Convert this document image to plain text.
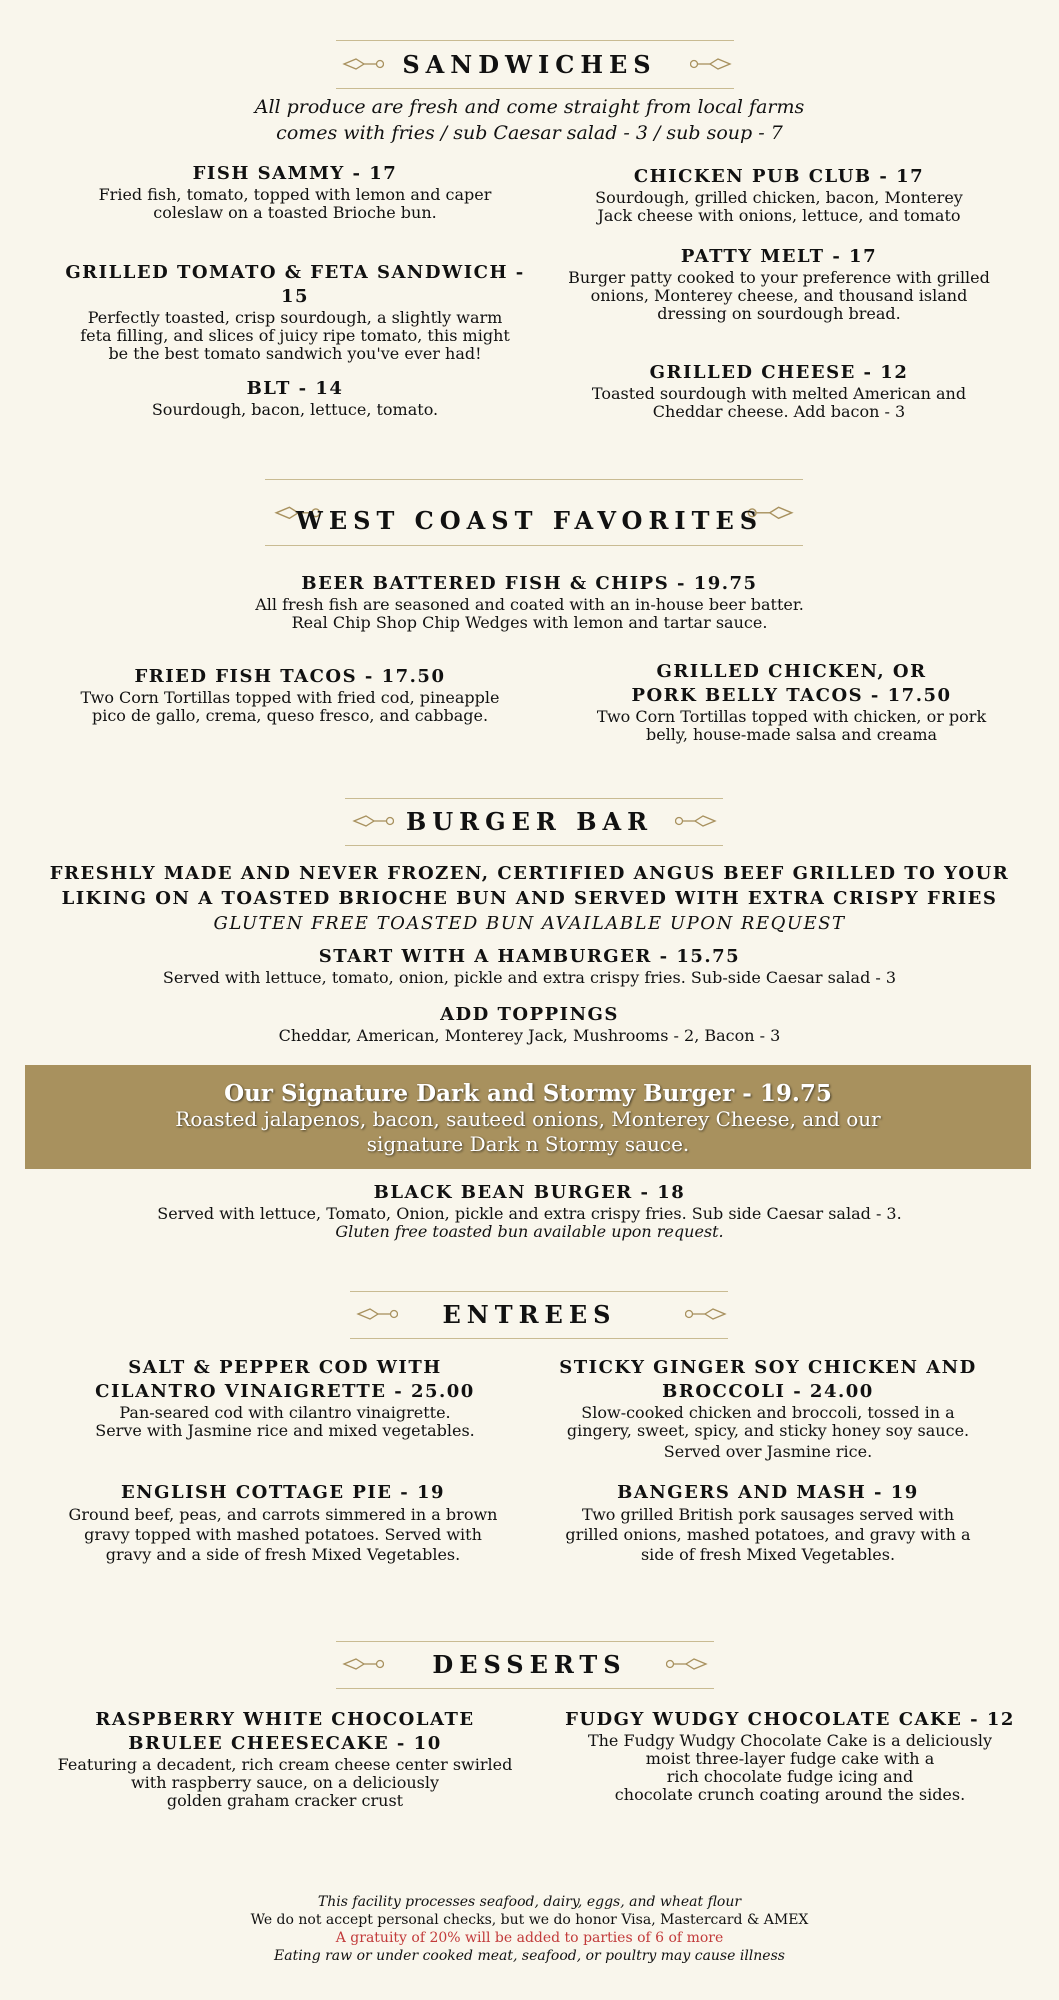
SANDWICHES
All produce are fresh and come straight from local farms
comes with fries / sub Caesar salad - 3 / sub soup - 7
FISH SAMMY - 17
Fried fish, tomato, topped with lemon and caper coleslaw on a toasted Brioche bun.
GRILLED TOMATO & FETA SANDWICH - 15
Perfectly toasted, crisp sourdough, a slightly warm feta filling, and slices of juicy ripe tomato, this might be the best tomato sandwich you've ever had!
BLT - 14
Sourdough, bacon, lettuce, tomato.
CHICKEN PUB CLUB - 17
Sourdough, grilled chicken, bacon, Monterey Jack cheese with onions, lettuce, and tomato
PATTY MELT - 17
Burger patty cooked to your preference with grilled onions, Monterey cheese, and thousand island dressing on sourdough bread.
GRILLED CHEESE - 12
Toasted sourdough with melted American and Cheddar cheese. Add bacon - 3
WEST COAST FAVORITES
BEER BATTERED FISH & CHIPS - 19.75
All fresh fish are seasoned and coated with an in-house beer batter.
Real Chip Shop Chip Wedges with lemon and tartar sauce.
FRIED FISH TACOS - 17.50
Two Corn Tortillas topped with fried cod, pineapple pico de gallo, crema, queso fresco, and cabbage.
GRILLED CHICKEN, OR
PORK BELLY TACOS - 17.50
Two Corn Tortillas topped with chicken, or pork belly, house-made salsa and creama
BURGER BAR
FRESHLY MADE AND NEVER FROZEN, CERTIFIED ANGUS BEEF GRILLED TO YOUR
LIKING ON A TOASTED BRIOCHE BUN AND SERVED WITH EXTRA CRISPY FRIES
GLUTEN FREE TOASTED BUN AVAILABLE UPON REQUEST
START WITH A HAMBURGER - 15.75
Served with lettuce, tomato, onion, pickle and extra crispy fries. Sub-side Caesar salad - 3
ADD TOPPINGS
Cheddar, American, Monterey Jack, Mushrooms - 2, Bacon - 3
Our Signature Dark and Stormy Burger - 19.75
Roasted jalapenos, bacon, sauteed onions, Monterey Cheese, and our
signature Dark n Stormy sauce.
BLACK BEAN BURGER - 18
Served with lettuce, Tomato, Onion, pickle and extra crispy fries. Sub side Caesar salad - 3.
Gluten free toasted bun available upon request.
ENTREES
SALT & PEPPER COD WITH CILANTRO VINAIGRETTE - 25.00
Pan-seared cod with cilantro vinaigrette.
Serve with Jasmine rice and mixed vegetables.
STICKY GINGER SOY CHICKEN AND BROCCOLI - 24.00
Slow-cooked chicken and broccoli, tossed in a gingery, sweet, spicy, and sticky honey soy sauce.
Served over Jasmine rice.
ENGLISH COTTAGE PIE - 19
Ground beef, peas, and carrots simmered in a brown gravy topped with mashed potatoes. Served with gravy and a side of fresh Mixed Vegetables.
BANGERS AND MASH - 19
Two grilled British pork sausages served with grilled onions, mashed potatoes, and gravy with a side of fresh Mixed Vegetables.
DESSERTS
RASPBERRY WHITE CHOCOLATE
BRULEE CHEESECAKE - 10
Featuring a decadent, rich cream cheese center swirled
with raspberry sauce, on a deliciously
golden graham cracker crust
FUDGY WUDGY CHOCOLATE CAKE - 12
The Fudgy Wudgy Chocolate Cake is a deliciously
moist three-layer fudge cake with a
rich chocolate fudge icing and
chocolate crunch coating around the sides.
This facility processes seafood, dairy, eggs, and wheat flour
We do not accept personal checks, but we do honor Visa, Mastercard & AMEX
A gratuity of 20% will be added to parties of 6 of more
Eating raw or under cooked meat, seafood, or poultry may cause illness
